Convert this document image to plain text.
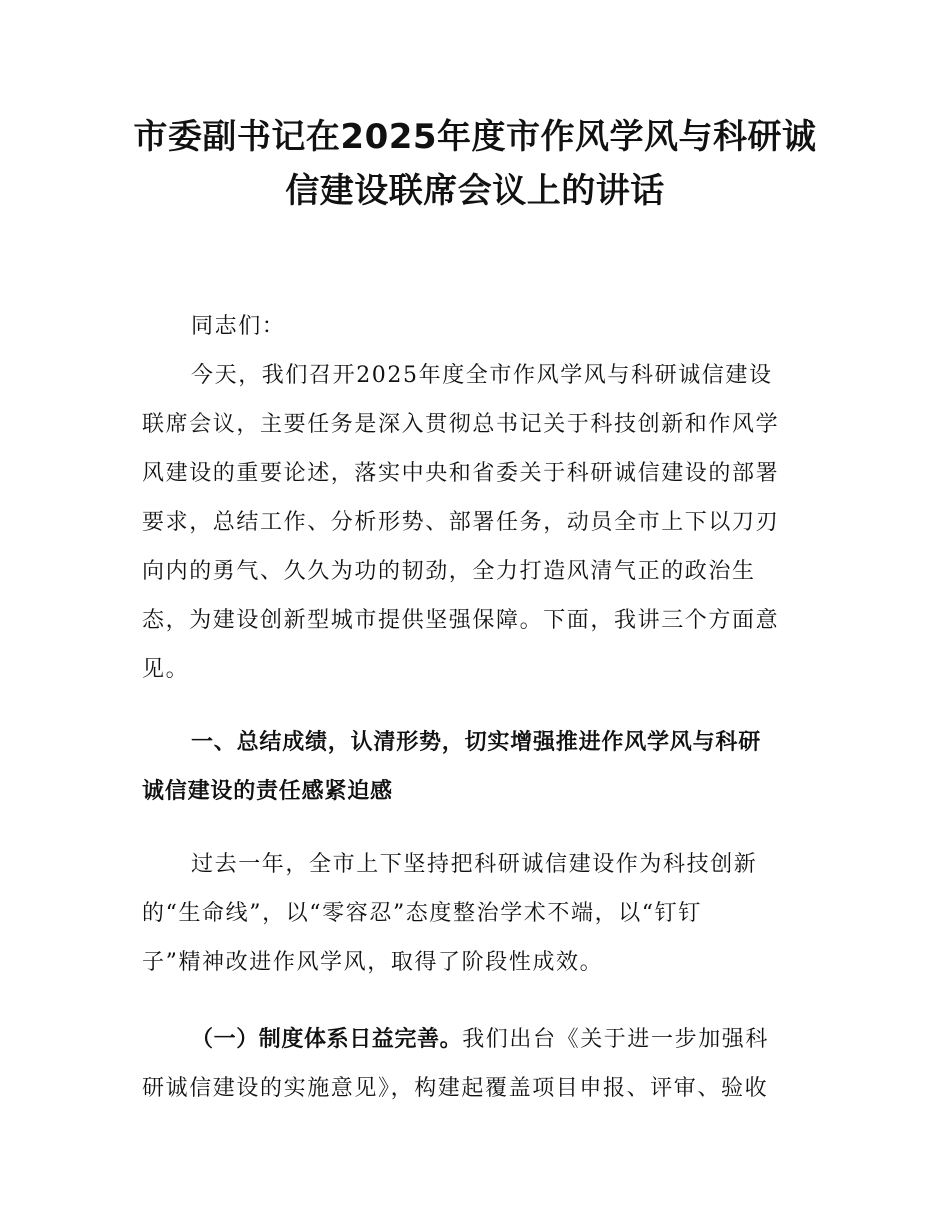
市委副书记在2025年度市作风学风与科研诚
信建设联席会议上的讲话

同志们：

今天，我们召开2025年度全市作风学风与科研诚信建设
联席会议，主要任务是深入贯彻总书记关于科技创新和作风学
风建设的重要论述，落实中央和省委关于科研诚信建设的部署
要求，总结工作、分析形势、部署任务，动员全市上下以刀刃
向内的勇气、久久为功的韧劲，全力打造风清气正的政治生
态，为建设创新型城市提供坚强保障。下面，我讲三个方面意
见。

一、总结成绩，认清形势，切实增强推进作风学风与科研
诚信建设的责任感紧迫感

过去一年，全市上下坚持把科研诚信建设作为科技创新
的“生命线”，以“零容忍”态度整治学术不端，以“钉钉
子”精神改进作风学风，取得了阶段性成效。

（一）制度体系日益完善。我们出台《关于进一步加强科
研诚信建设的实施意见》，构建起覆盖项目申报、评审、验收
